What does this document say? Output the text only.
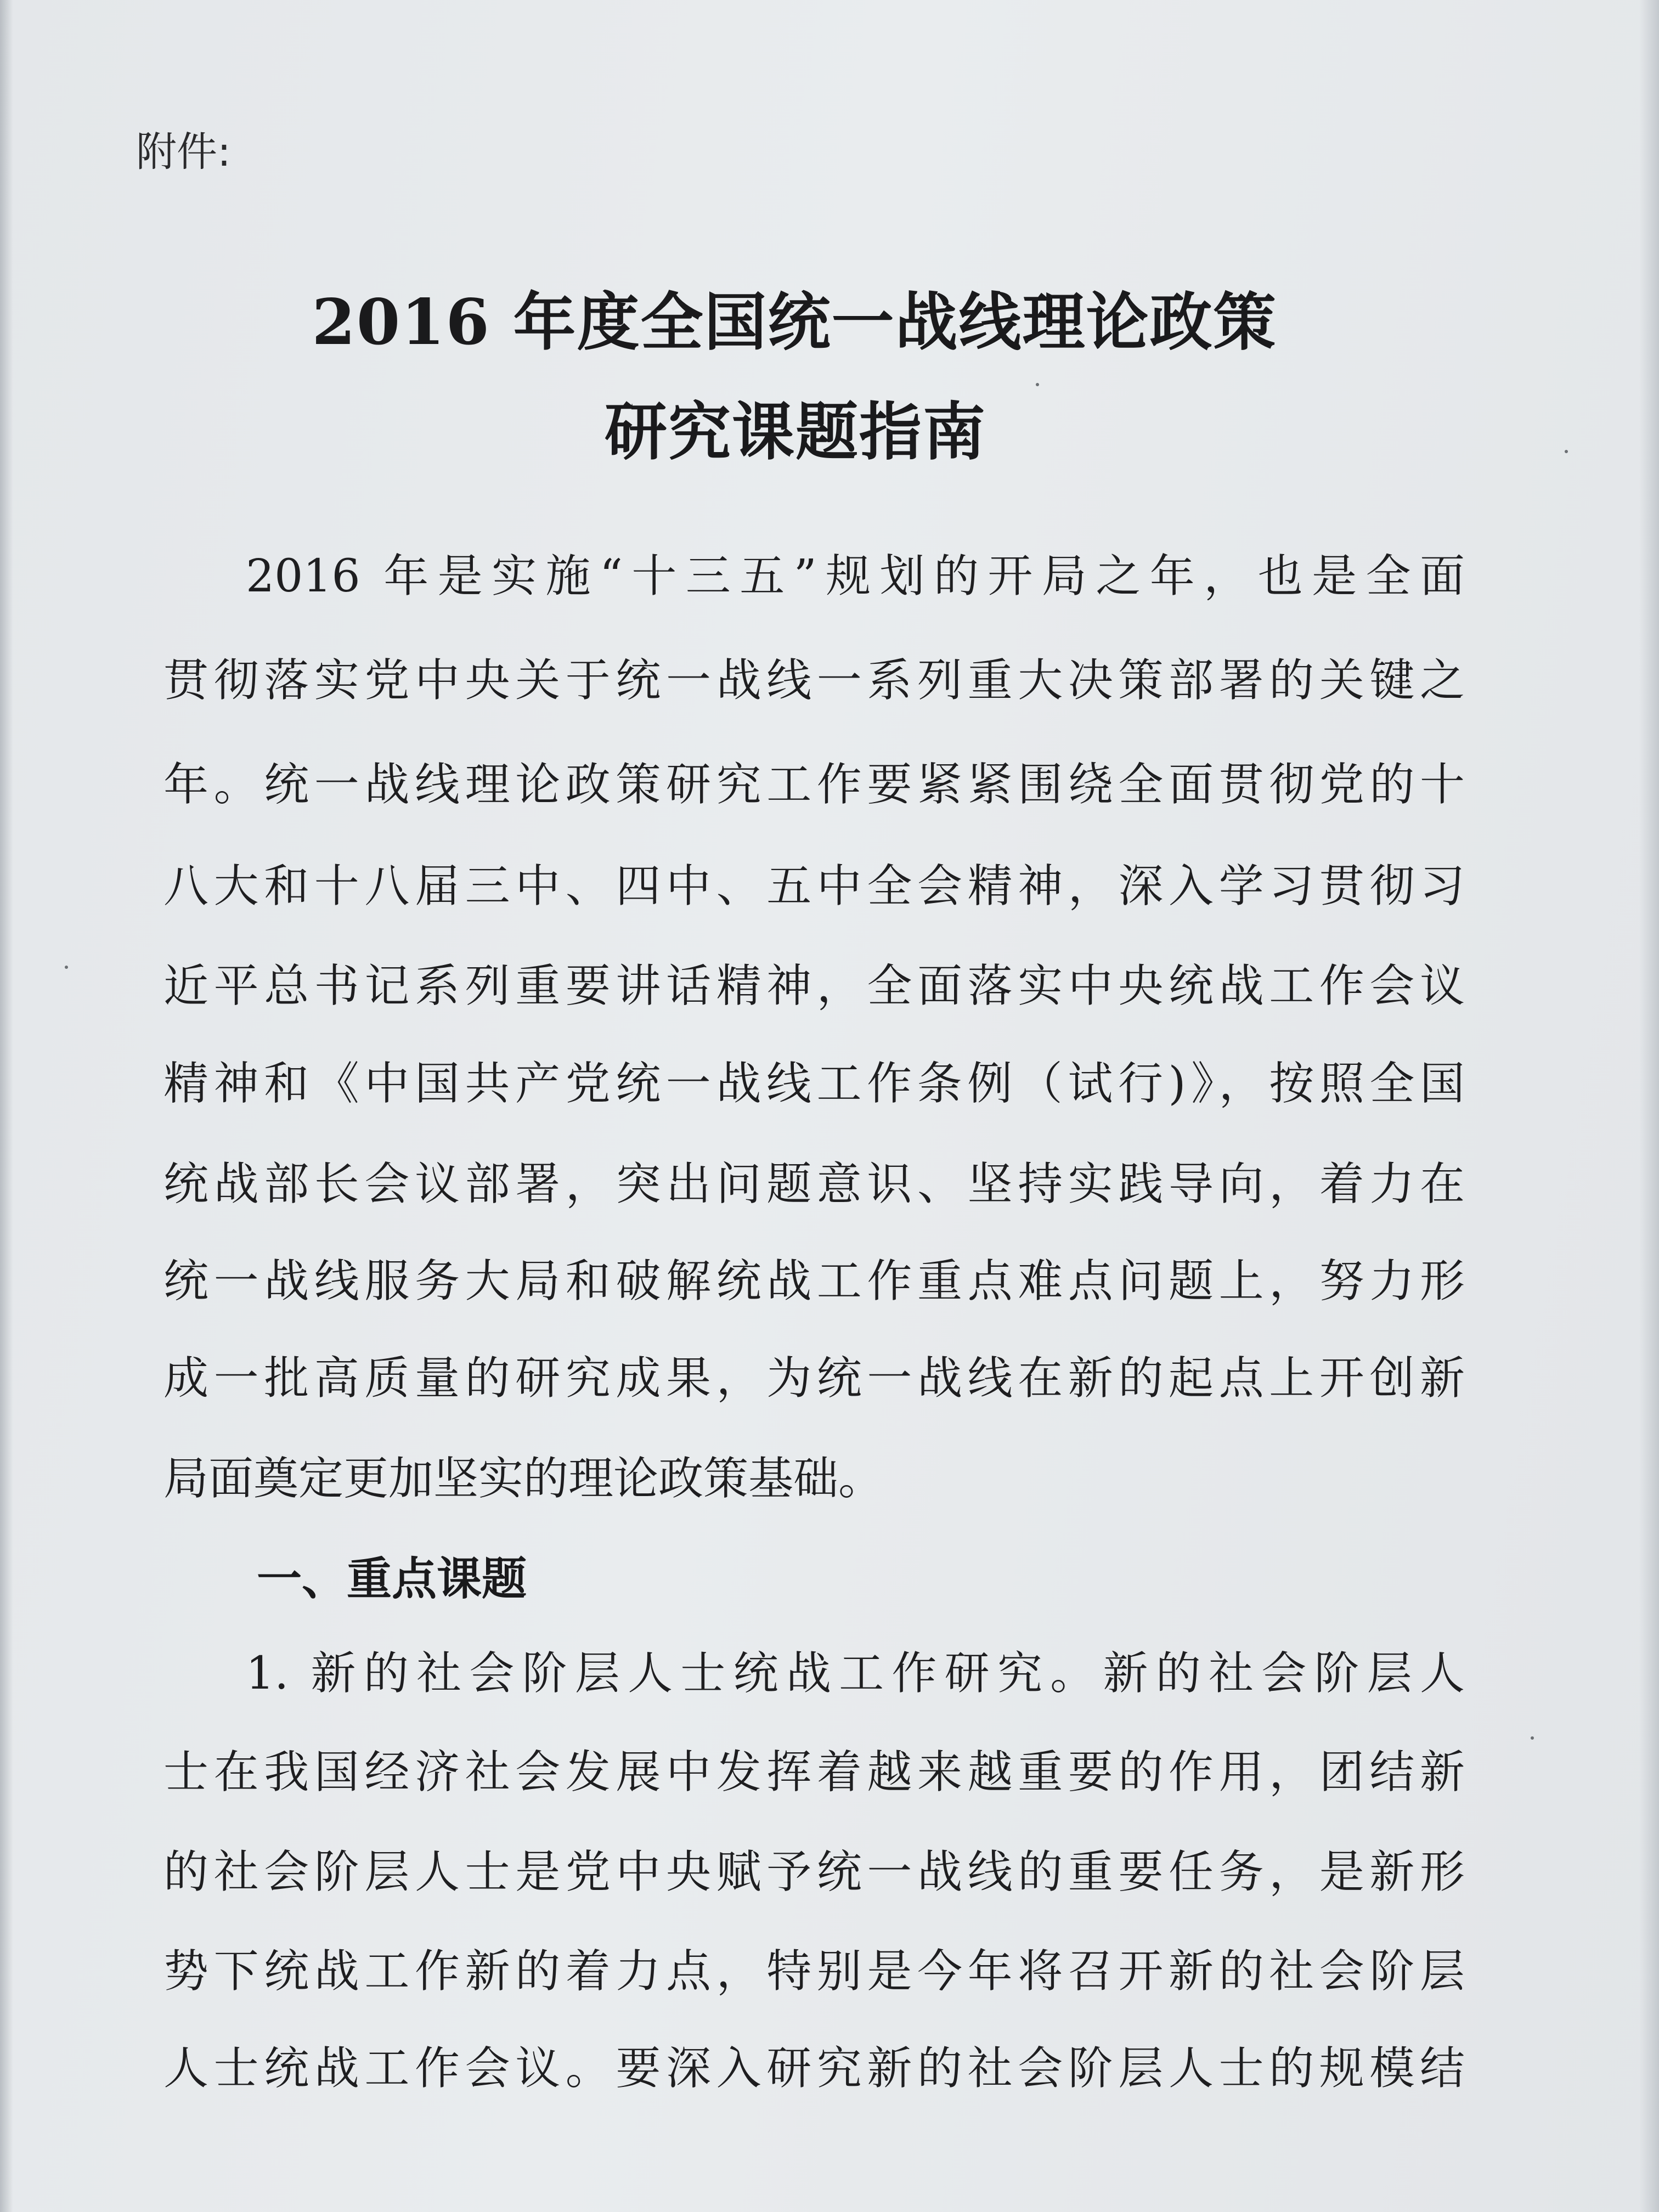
附件:
2016 年度全国统一战线理论政策
研究课题指南
2016 年是实施“十三五”规划的开局之年，也是全面
贯彻落实党中央关于统一战线一系列重大决策部署的关键之
年。统一战线理论政策研究工作要紧紧围绕全面贯彻党的十
八大和十八届三中、四中、五中全会精神，深入学习贯彻习
近平总书记系列重要讲话精神，全面落实中央统战工作会议
精神和《中国共产党统一战线工作条例（试行)》，按照全国
统战部长会议部署，突出问题意识、坚持实践导向，着力在
统一战线服务大局和破解统战工作重点难点问题上，努力形
成一批高质量的研究成果，为统一战线在新的起点上开创新
局面奠定更加坚实的理论政策基础。
一、重点课题
1. 新的社会阶层人士统战工作研究。新的社会阶层人
士在我国经济社会发展中发挥着越来越重要的作用，团结新
的社会阶层人士是党中央赋予统一战线的重要任务，是新形
势下统战工作新的着力点，特别是今年将召开新的社会阶层
人士统战工作会议。要深入研究新的社会阶层人士的规模结
